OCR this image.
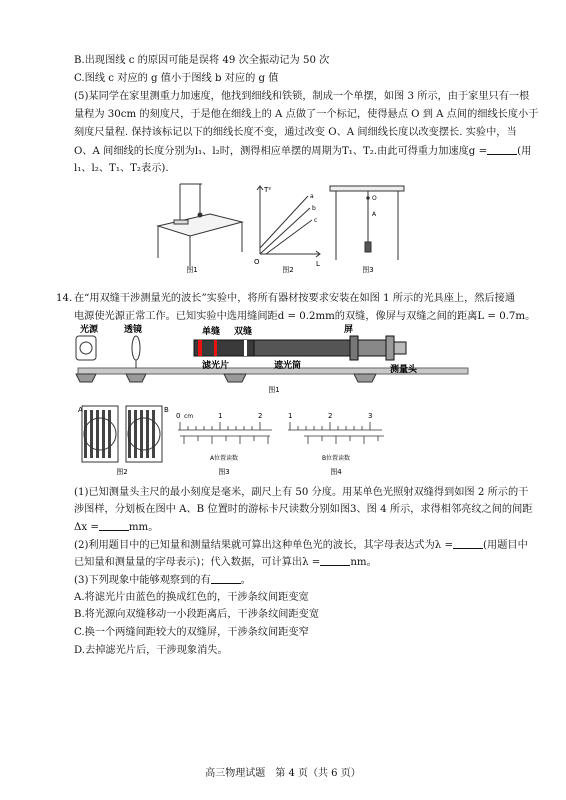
B.出现图线 c 的原因可能是误将 49 次全振动记为 50 次
C.图线 c 对应的 g 值小于图线 b 对应的 g 值
(5)某同学在家里测重力加速度，他找到细线和铁锁，制成一个单摆，如图 3 所示，由于家里只有一根
量程为 30cm 的刻度尺，于是他在细线上的 A 点做了一个标记，使得悬点 O 到 A 点间的细线长度小于
刻度尺量程. 保持该标记以下的细线长度不变，通过改变 O、A 间细线长度以改变摆长. 实验中，当
O、A 间细线的长度分别为l₁、l₂时，测得相应单摆的周期为T₁、T₂.由此可得重力加速度g =	(用
l₁、l₂、T₁、T₂表示).
图1
T²
L
O
a
b
c
图2
O
A
图3
14. 在“用双缝干涉测量光的波长”实验中，将所有器材按要求安装在如图 1 所示的光具座上，然后接通
电源使光源正常工作。已知实验中选用缝间距d = 0.2mm的双缝，像屏与双缝之间的距离L = 0.7m。
光源	透镜	单缝 双缝	屏
滤光片	遮光筒	测量头
图1
A	B
图2
0 cm	1	2
A位置读数
图3
1	2	3
B位置读数
图4
(1)已知测量头主尺的最小刻度是毫米，副尺上有 50 分度。用某单色光照射双缝得到如图 2 所示的干
涉图样，分划板在图中 A、B 位置时的游标卡尺读数分别如图3、图 4 所示，求得相邻亮纹之间的间距
Δx =	mm。
(2)利用题目中的已知量和测量结果就可算出这种单色光的波长，其字母表达式为λ =	(用题目中
已知量和测量量的字母表示)；代入数据，可计算出λ =	nm。
(3)下列现象中能够观察到的有	。
A.将滤光片由蓝色的换成红色的，干涉条纹间距变宽
B.将光源向双缝移动一小段距离后，干涉条纹间距变宽
C.换一个两缝间距较大的双缝屏，干涉条纹间距变窄
D.去掉滤光片后，干涉现象消失。
高三物理试题　第 4 页（共 6 页）
